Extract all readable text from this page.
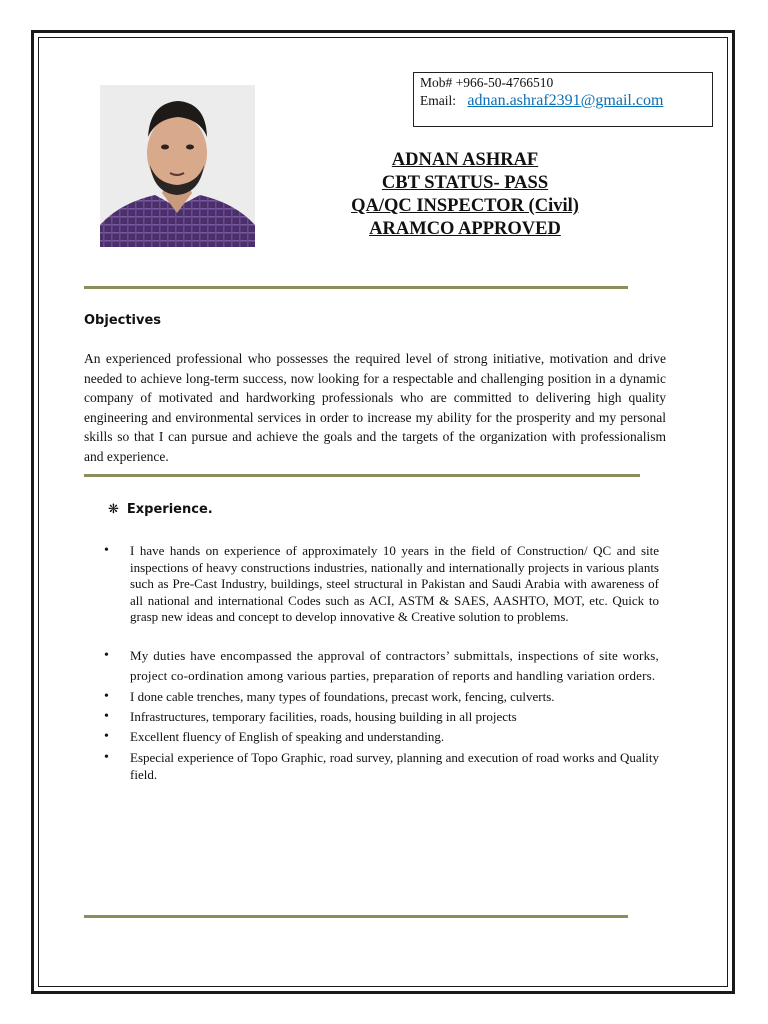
Mob# +966-50-4766510
Email: adnan.ashraf2391@gmail.com
ADNAN ASHRAF
CBT STATUS- PASS
QA/QC INSPECTOR (Civil)
ARAMCO APPROVED
Objectives
An experienced professional who possesses the required level of strong initiative, motivation and drive needed to achieve long-term success, now looking for a respectable and challenging position in a dynamic company of motivated and hardworking professionals who are committed to delivering high quality engineering and environmental services in order to increase my ability for the prosperity and my personal skills so that I can pursue and achieve the goals and the targets of the organization with professionalism and experience.
❋ Experience.
• I have hands on experience of approximately 10 years in the field of Construction/ QC and site inspections of heavy constructions industries, nationally and internationally projects in various plants such as Pre-Cast Industry, buildings, steel structural in Pakistan and Saudi Arabia with awareness of all national and international Codes such as ACI, ASTM & SAES, AASHTO, MOT, etc. Quick to grasp new ideas and concept to develop innovative & Creative solution to problems.
• My duties have encompassed the approval of contractors’ submittals, inspections of site works, project co-ordination among various parties, preparation of reports and handling variation orders.
• I done cable trenches, many types of foundations, precast work, fencing, culverts.
• Infrastructures, temporary facilities, roads, housing building in all projects
• Excellent fluency of English of speaking and understanding.
• Especial experience of Topo Graphic, road survey, planning and execution of road works and Quality field.
